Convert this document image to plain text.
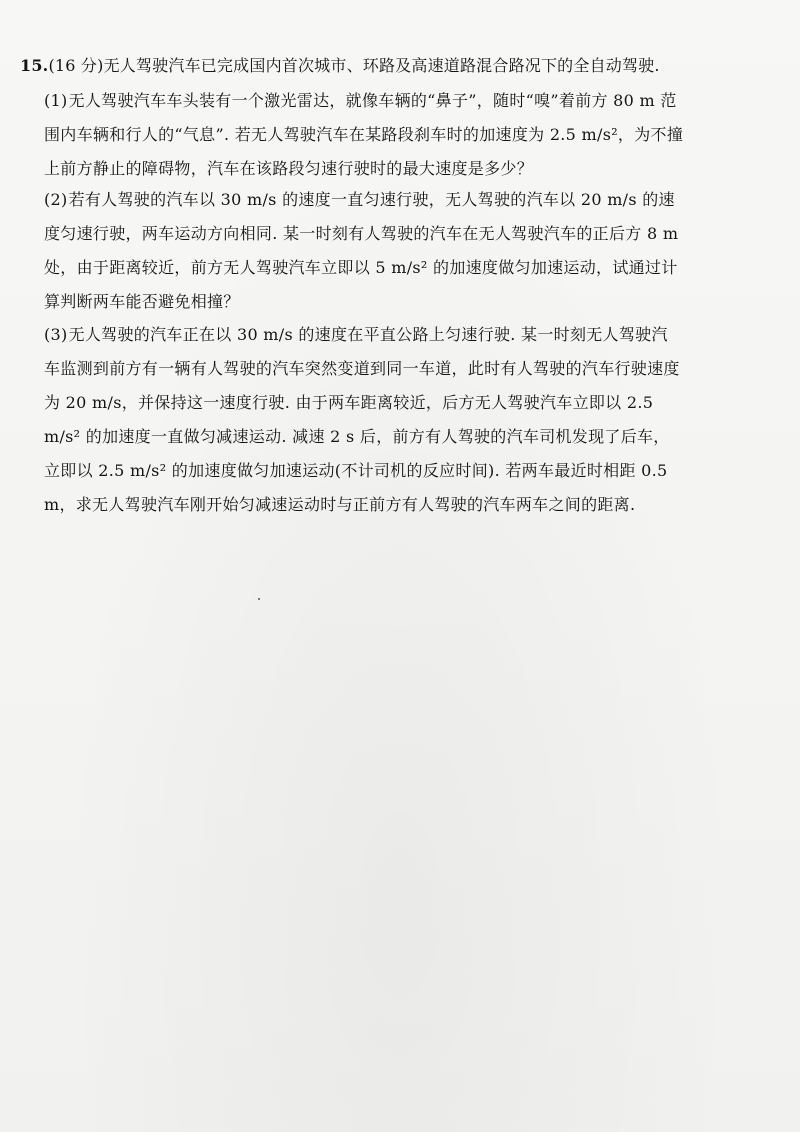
15.(16 分)无人驾驶汽车已完成国内首次城市、环路及高速道路混合路况下的全自动驾驶.
(1)无人驾驶汽车车头装有一个激光雷达，就像车辆的“鼻子”，随时“嗅”着前方 80 m 范围内车辆和行人的“气息”. 若无人驾驶汽车在某路段刹车时的加速度为 2.5 m/s²，为不撞上前方静止的障碍物，汽车在该路段匀速行驶时的最大速度是多少？
(2)若有人驾驶的汽车以 30 m/s 的速度一直匀速行驶，无人驾驶的汽车以 20 m/s 的速度匀速行驶，两车运动方向相同. 某一时刻有人驾驶的汽车在无人驾驶汽车的正后方 8 m 处，由于距离较近，前方无人驾驶汽车立即以 5 m/s² 的加速度做匀加速运动，试通过计算判断两车能否避免相撞？
(3)无人驾驶的汽车正在以 30 m/s 的速度在平直公路上匀速行驶. 某一时刻无人驾驶汽车监测到前方有一辆有人驾驶的汽车突然变道到同一车道，此时有人驾驶的汽车行驶速度为 20 m/s，并保持这一速度行驶. 由于两车距离较近，后方无人驾驶汽车立即以 2.5 m/s² 的加速度一直做匀减速运动. 减速 2 s 后，前方有人驾驶的汽车司机发现了后车，立即以 2.5 m/s² 的加速度做匀加速运动(不计司机的反应时间). 若两车最近时相距 0.5 m，求无人驾驶汽车刚开始匀减速运动时与正前方有人驾驶的汽车两车之间的距离.
